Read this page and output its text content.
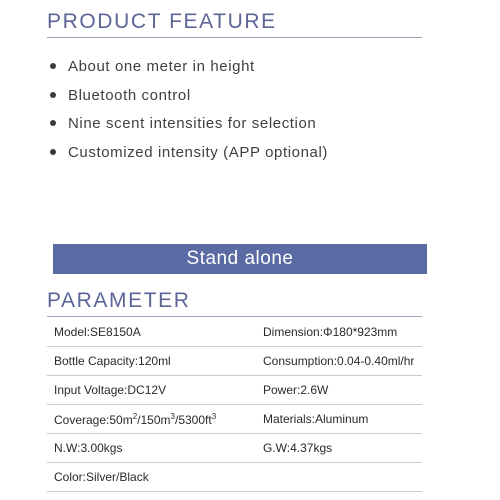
PRODUCT FEATURE
About one meter in height
Bluetooth control
Nine scent intensities for selection
Customized intensity (APP optional)
Stand alone
PARAMETER
Model:SE8150A	Dimension:Φ180*923mm
Bottle Capacity:120ml	Consumption:0.04-0.40ml/hr
Input Voltage:DC12V	Power:2.6W
$Coverage:50m^2/150m^3/5300ft^3$	Materials:Aluminum
N.W:3.00kgs	G.W:4.37kgs
Color:Silver/Black	
